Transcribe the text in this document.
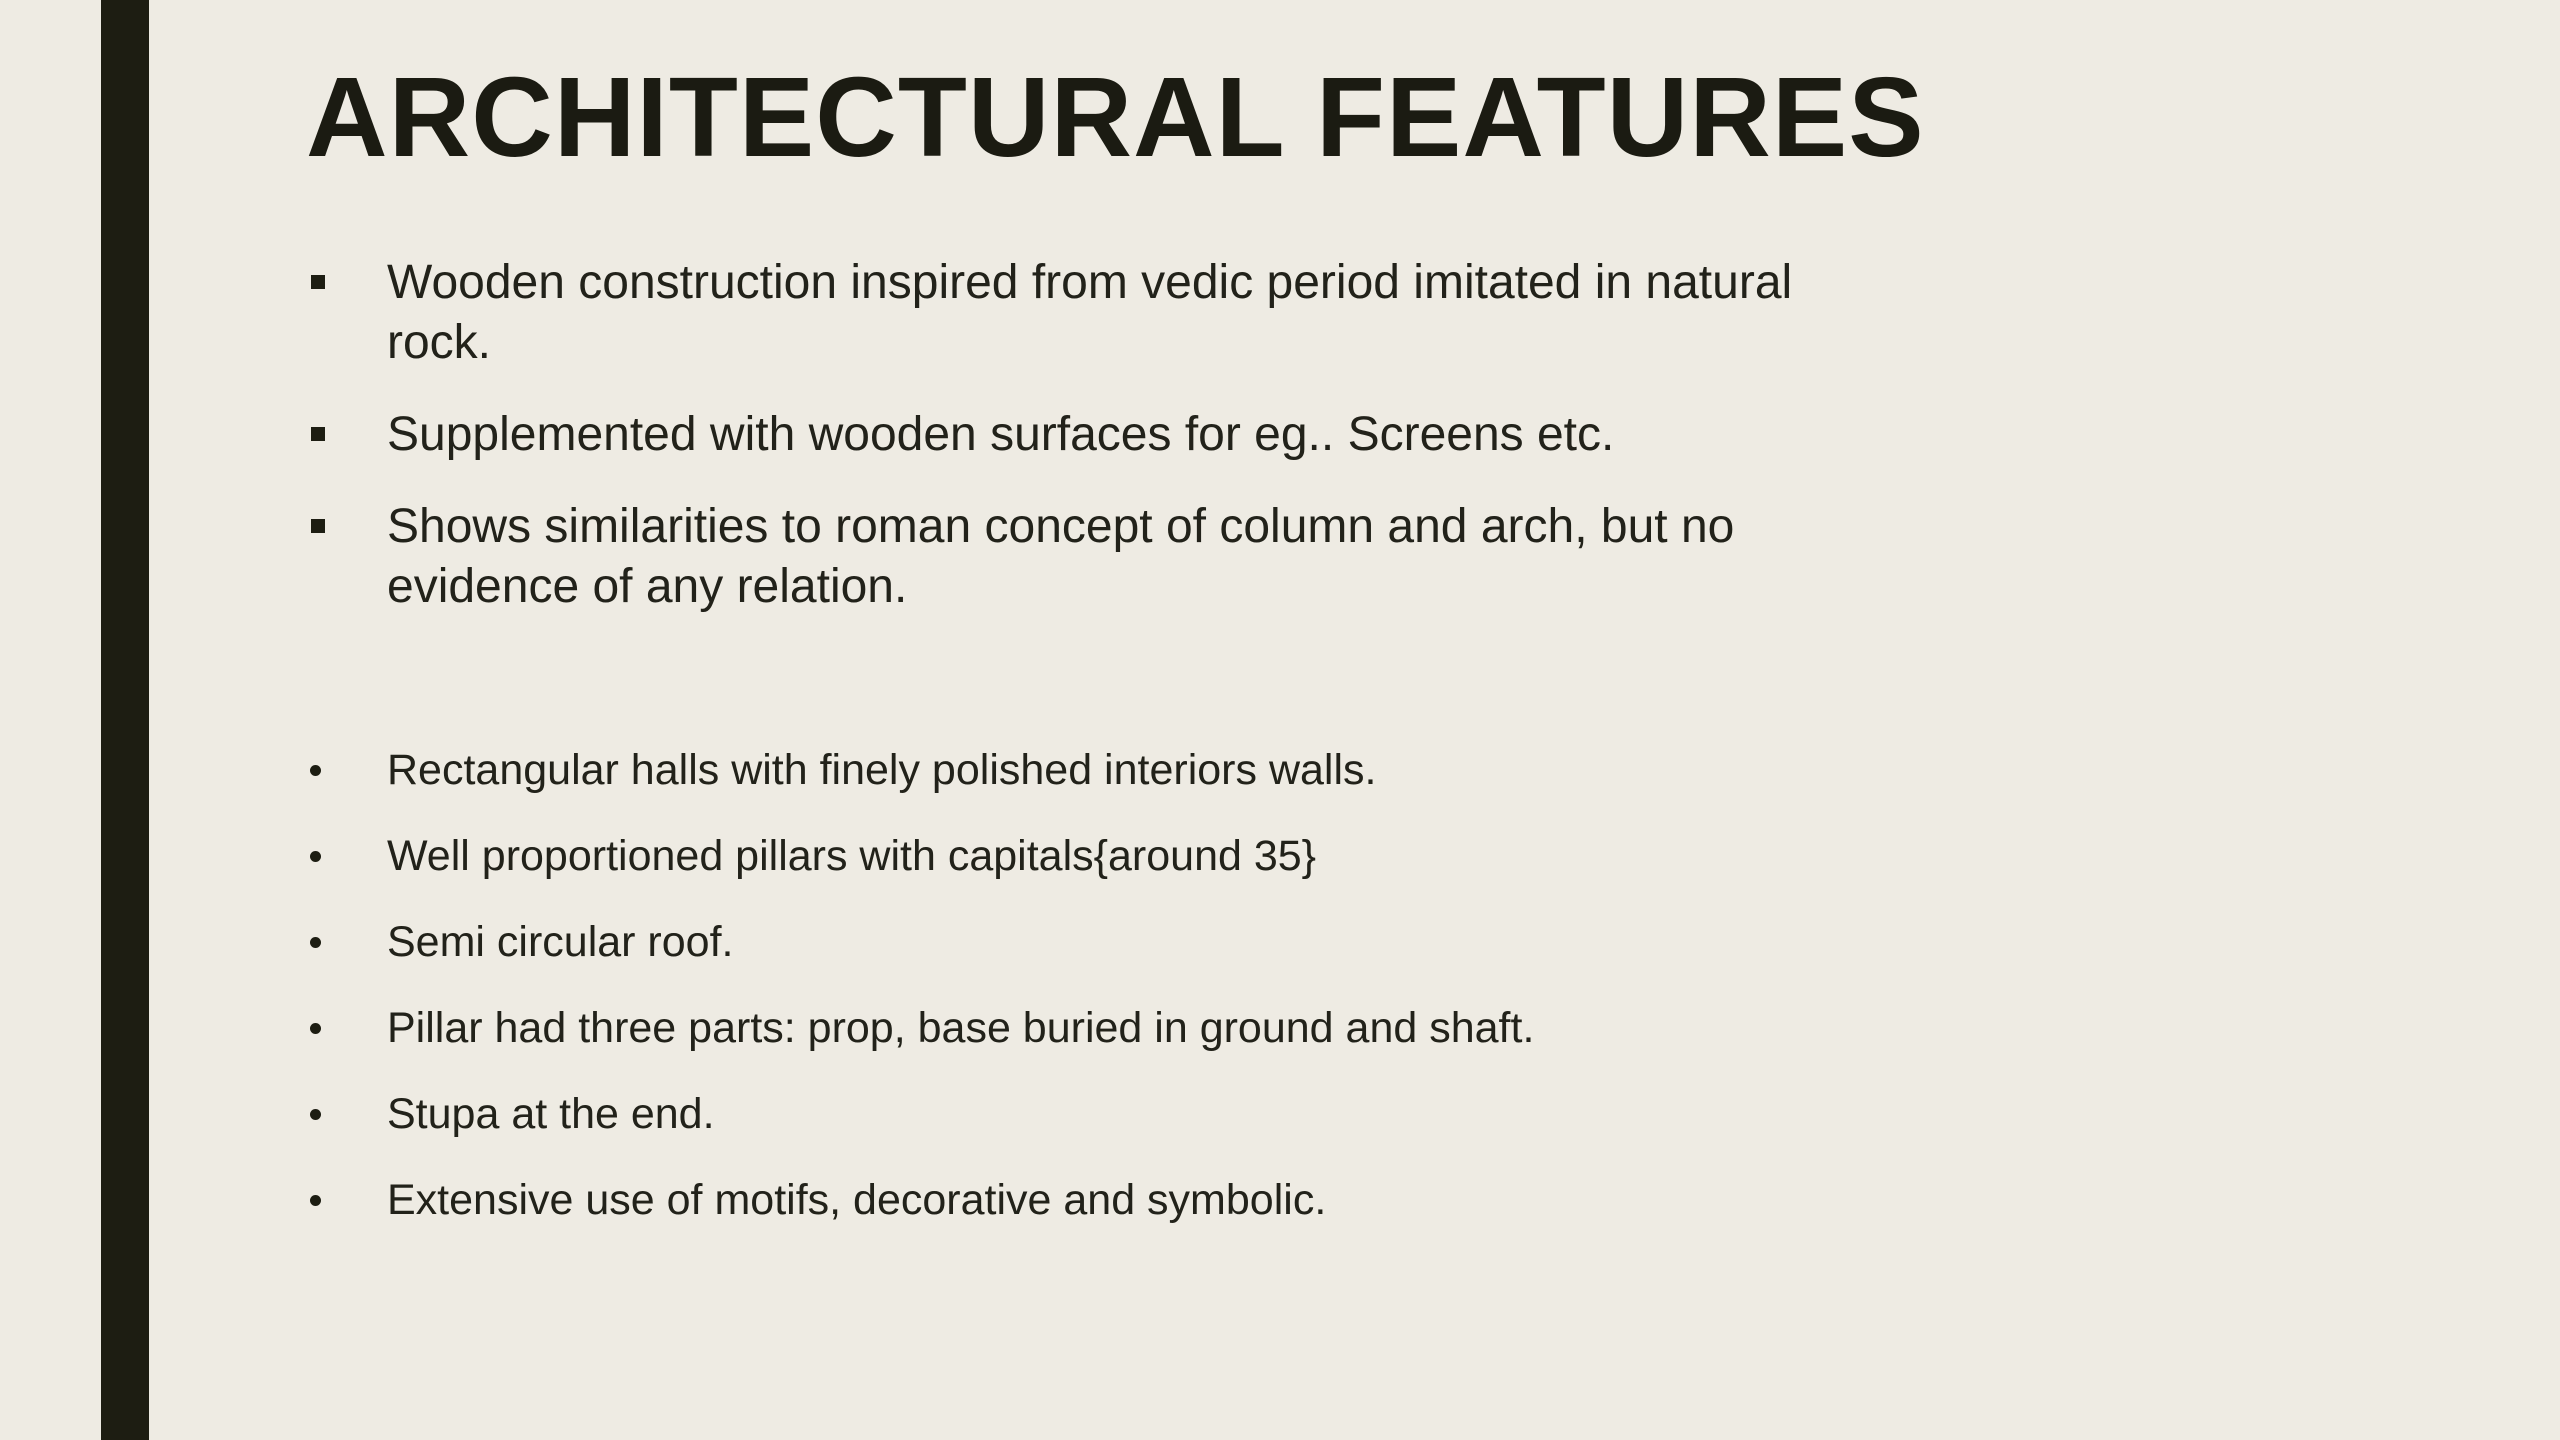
ARCHITECTURAL FEATURES
Wooden construction inspired from vedic period imitated in natural rock.
Supplemented with wooden surfaces for eg.. Screens etc.
Shows similarities to roman concept of column and arch, but no evidence of any relation.
Rectangular halls with finely polished interiors walls.
Well proportioned pillars with capitals{around 35}
Semi circular roof.
Pillar had three parts: prop, base buried in ground and shaft.
Stupa at the end.
Extensive use of motifs, decorative and symbolic.
